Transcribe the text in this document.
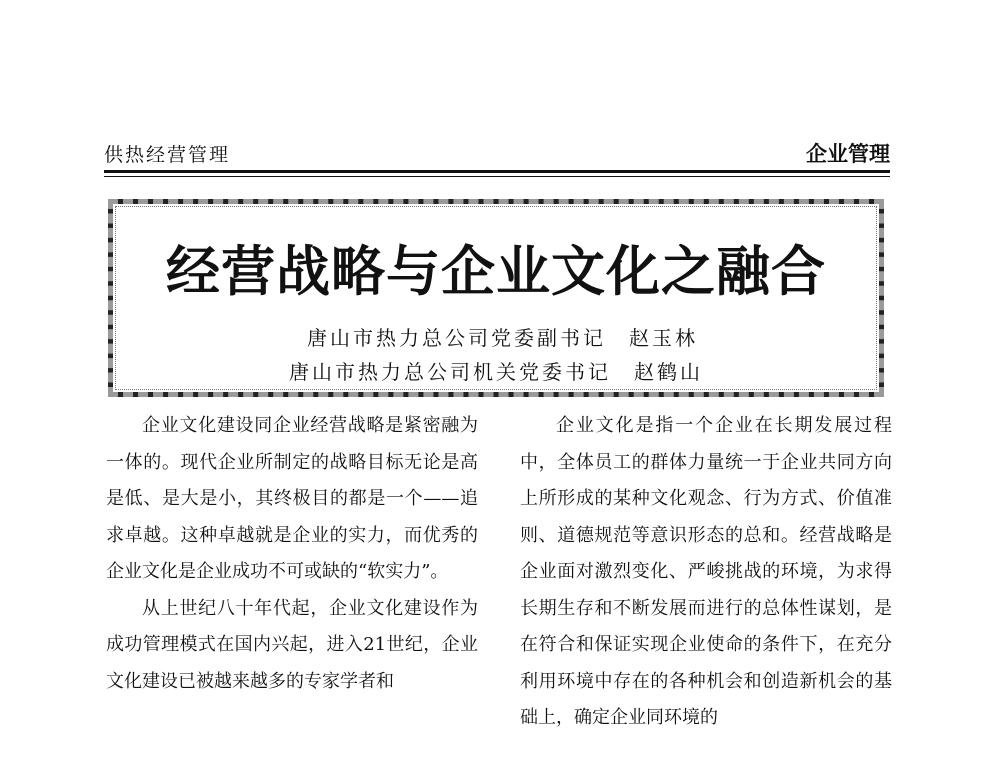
供热经营管理	企业管理
经营战略与企业文化之融合
唐山市热力总公司党委副书记　赵玉林
唐山市热力总公司机关党委书记　赵鹤山

企业文化建设同企业经营战略是紧密融为一体的。现代企业所制定的战略目标无论是高是低、是大是小，其终极目的都是一个——追求卓越。这种卓越就是企业的实力，而优秀的企业文化是企业成功不可或缺的“软实力”。

从上世纪八十年代起，企业文化建设作为成功管理模式在国内兴起，进入21世纪，企业文化建设已被越来越多的专家学者和

企业文化是指一个企业在长期发展过程中，全体员工的群体力量统一于企业共同方向上所形成的某种文化观念、行为方式、价值准则、道德规范等意识形态的总和。经营战略是企业面对激烈变化、严峻挑战的环境，为求得长期生存和不断发展而进行的总体性谋划，是在符合和保证实现企业使命的条件下，在充分利用环境中存在的各种机会和创造新机会的基础上，确定企业同环境的
